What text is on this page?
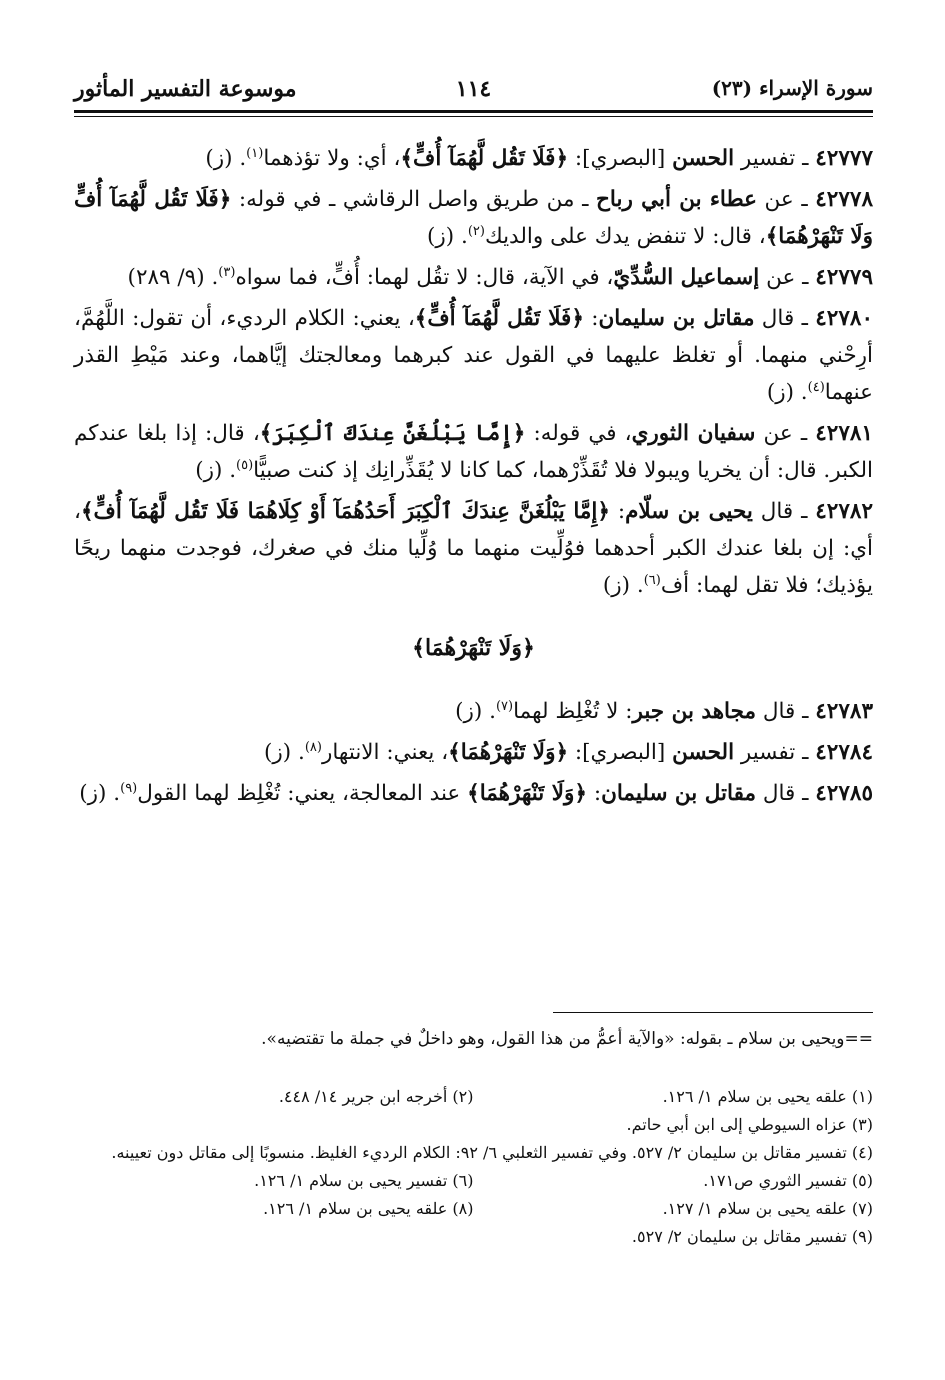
موسوعة التفسير المأثور	١١٤	سورة الإسراء (٢٣)

٤٢٧٧٧ ـ تفسير الحسن [البصري]: ﴿فَلَا تَقُل لَّهُمَآ أُفٍّ﴾، أي: ولا تؤذهما$^{(١)}$. (ز)

٤٢٧٧٨ ـ عن عطاء بن أبي رباح ـ من طريق واصل الرقاشي ـ في قوله: ﴿فَلَا تَقُل لَّهُمَآ أُفٍّ وَلَا تَنْهَرْهُمَا﴾، قال: لا تنفض يدك على والديك$^{(٢)}$. (ز)

٤٢٧٧٩ ـ عن إسماعيل السُّدِّيّ، في الآية، قال: لا تقُل لهما: أُفٍّ، فما سواه$^{(٣)}$. (٩/ ٢٨٩)

٤٢٧٨٠ ـ قال مقاتل بن سليمان: ﴿فَلَا تَقُل لَّهُمَآ أُفٍّ﴾، يعني: الكلام الرديء، أن تقول: اللَّهُمَّ، أرِحْني منهما. أو تغلظ عليهما في القول عند كبرهما ومعالجتك إيَّاهما، وعند مَيْطِ القذر عنهما$^{(٤)}$. (ز)

٤٢٧٨١ ـ عن سفيان الثوري، في قوله: ﴿إِمَّا يَبْلُغَنَّ عِندَكَ ٱلْكِبَرَ﴾، قال: إذا بلغا عندكم الكبر. قال: أن يخريا ويبولا فلا تُقَذِّرْهما، كما كانا لا يُقَذِّرانِك إذ كنت صبيًّا$^{(٥)}$. (ز)

٤٢٧٨٢ ـ قال يحيى بن سلّام: ﴿إِمَّا يَبْلُغَنَّ عِندَكَ ٱلْكِبَرَ أَحَدُهُمَآ أَوْ كِلَاهُمَا فَلَا تَقُل لَّهُمَآ أُفٍّ﴾، أي: إن بلغا عندك الكبر أحدهما فوُلِّيت منهما ما وُلِّيا منك في صغرك، فوجدت منهما ريحًا يؤذيك؛ فلا تقل لهما: أف$^{(٦)}$. (ز)

﴿وَلَا تَنْهَرْهُمَا﴾

٤٢٧٨٣ ـ قال مجاهد بن جبر: لا تُغْلِظ لهما$^{(٧)}$. (ز)

٤٢٧٨٤ ـ تفسير الحسن [البصري]: ﴿وَلَا تَنْهَرْهُمَا﴾، يعني: الانتهار$^{(٨)}$. (ز)

٤٢٧٨٥ ـ قال مقاتل بن سليمان: ﴿وَلَا تَنْهَرْهُمَا﴾ عند المعالجة، يعني: تُغْلِظ لهما القول$^{(٩)}$. (ز)

==ويحيى بن سلام ـ بقوله: «والآية أعمُّ من هذا القول، وهو داخلٌ في جملة ما تقتضيه».
(١) علقه يحيى بن سلام ١/ ١٢٦.
(٢) أخرجه ابن جرير ١٤/ ٤٤٨.
(٣) عزاه السيوطي إلى ابن أبي حاتم.
(٤) تفسير مقاتل بن سليمان ٢/ ٥٢٧. وفي تفسير الثعلبي ٦/ ٩٢: الكلام الرديء الغليظ. منسوبًا إلى مقاتل دون تعيينه.
(٥) تفسير الثوري ص١٧١.
(٦) تفسير يحيى بن سلام ١/ ١٢٦.
(٧) علقه يحيى بن سلام ١/ ١٢٧.
(٨) علقه يحيى بن سلام ١/ ١٢٦.
(٩) تفسير مقاتل بن سليمان ٢/ ٥٢٧.
